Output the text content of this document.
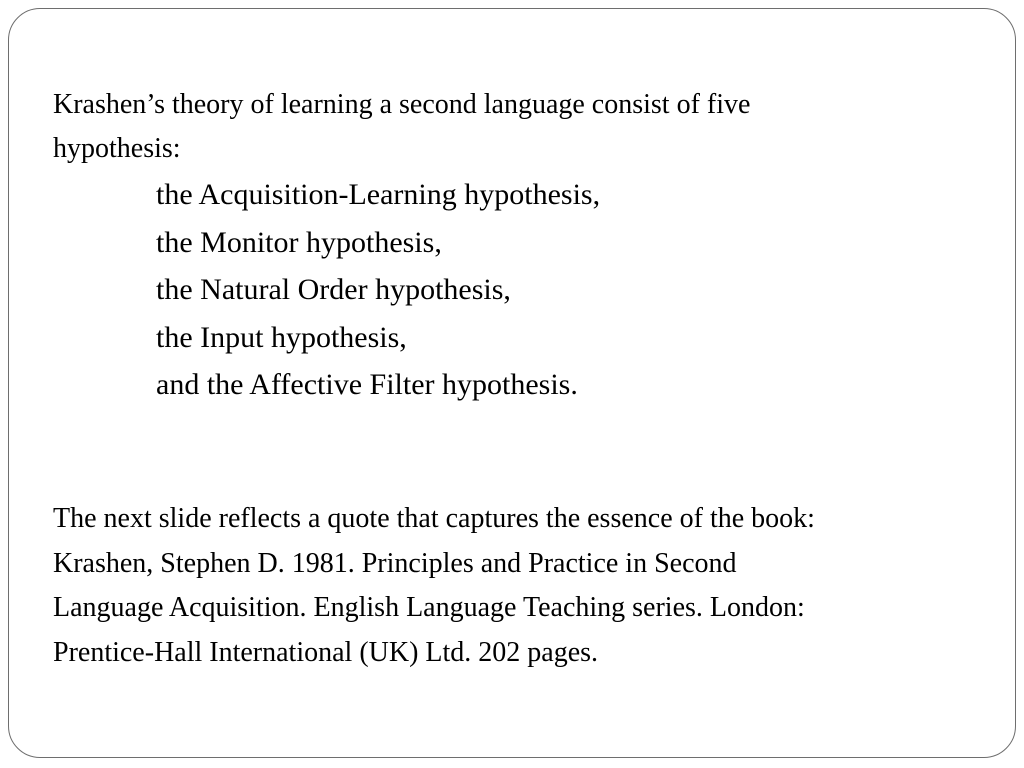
Krashen’s theory of learning a second language consist of five
hypothesis:

the Acquisition-Learning hypothesis,
the Monitor hypothesis,
the Natural Order hypothesis,
the Input hypothesis,
and the Affective Filter hypothesis.

The next slide reflects a quote that captures the essence of the book:
Krashen, Stephen D. 1981. Principles and Practice in Second
Language Acquisition. English Language Teaching series. London:
Prentice-Hall International (UK) Ltd. 202 pages.
